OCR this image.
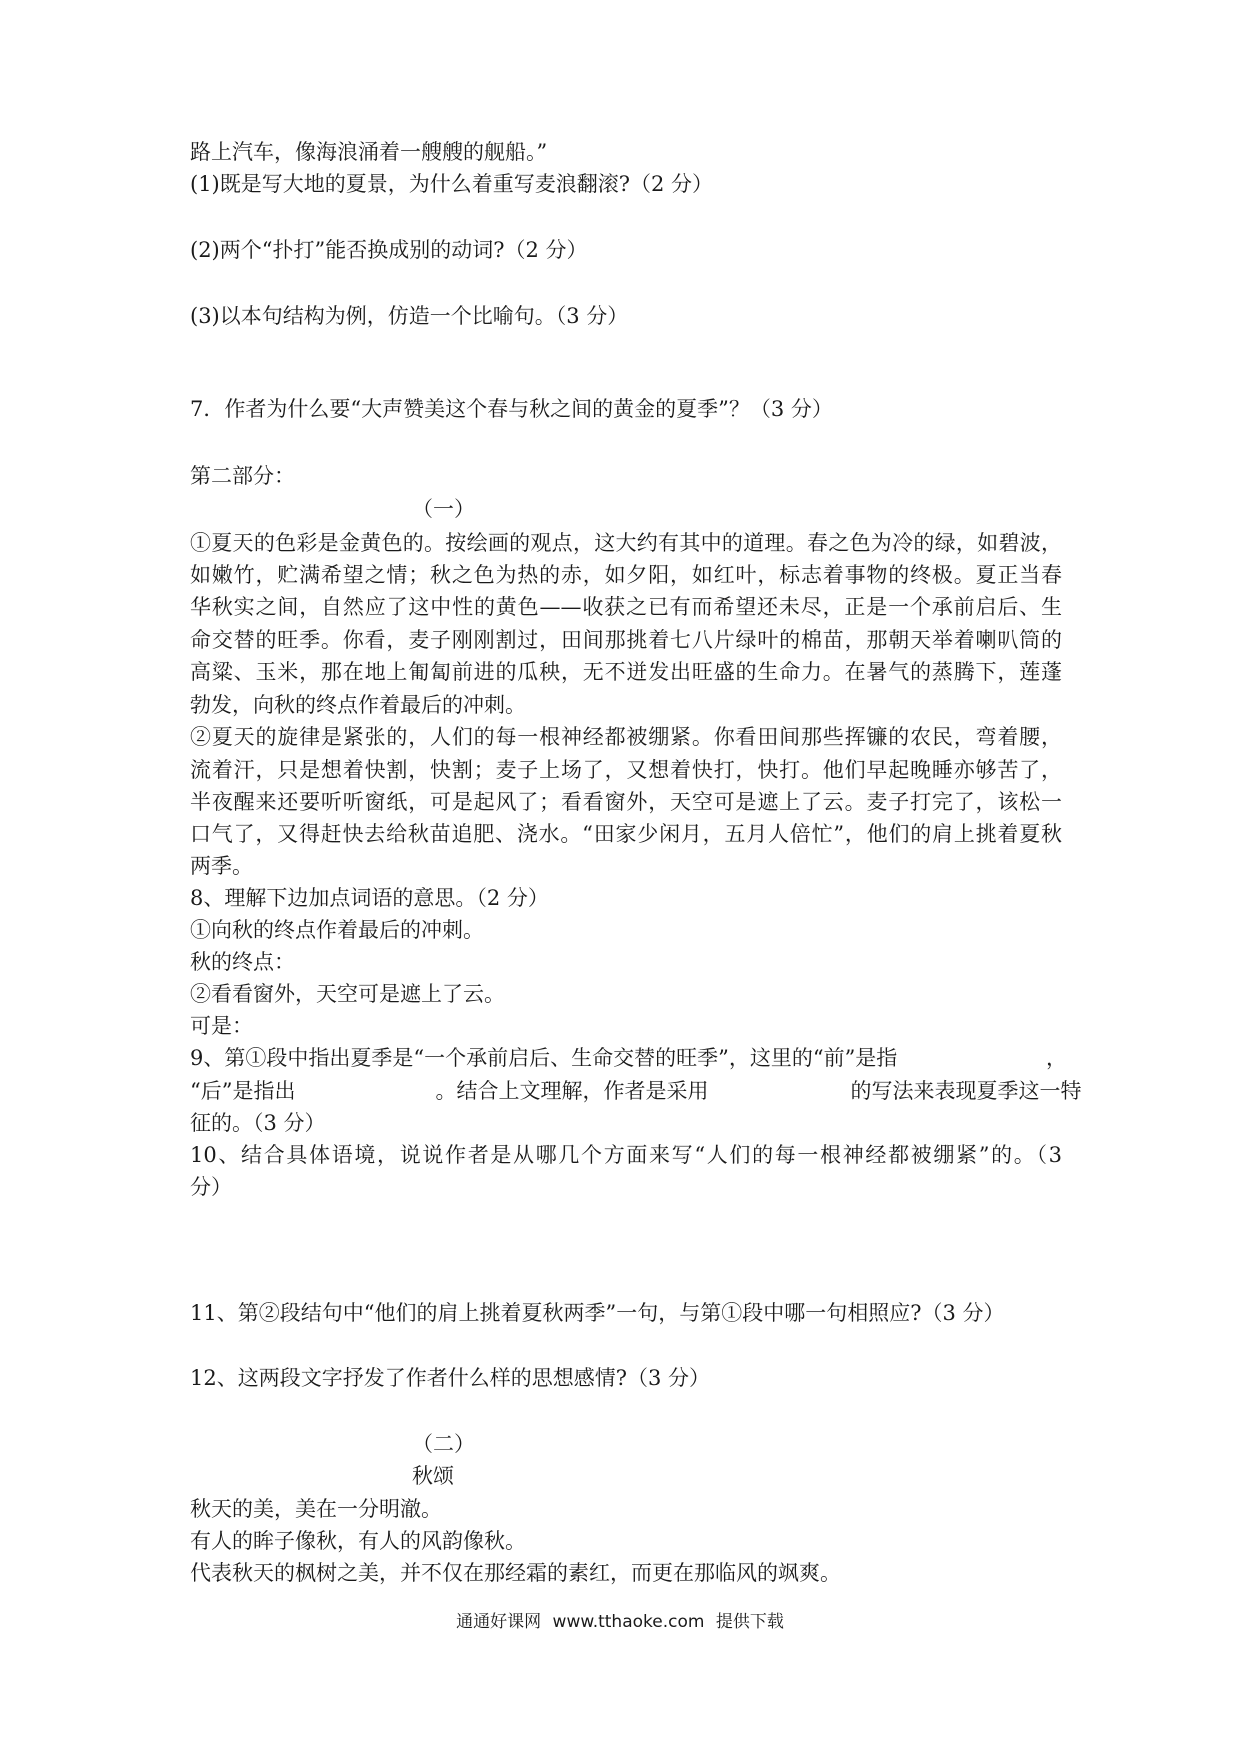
路上汽车，像海浪涌着一艘艘的舰船。”
(1)既是写大地的夏景，为什么着重写麦浪翻滚?（2 分）
(2)两个“扑打”能否换成别的动词?（2 分）
(3)以本句结构为例，仿造一个比喻句。（3 分）
7．作者为什么要“大声赞美这个春与秋之间的黄金的夏季”？（3 分）
第二部分：
（一）
①夏天的色彩是金黄色的。按绘画的观点，这大约有其中的道理。春之色为冷的绿，如碧波，
如嫩竹，贮满希望之情；秋之色为热的赤，如夕阳，如红叶，标志着事物的终极。夏正当春
华秋实之间，自然应了这中性的黄色——收获之已有而希望还未尽，正是一个承前启后、生
命交替的旺季。你看，麦子刚刚割过，田间那挑着七八片绿叶的棉苗，那朝天举着喇叭筒的
高粱、玉米，那在地上匍匐前进的瓜秧，无不迸发出旺盛的生命力。在暑气的蒸腾下，莲蓬
勃发，向秋的终点作着最后的冲刺。
②夏天的旋律是紧张的，人们的每一根神经都被绷紧。你看田间那些挥镰的农民，弯着腰，
流着汗，只是想着快割，快割；麦子上场了，又想着快打，快打。他们早起晚睡亦够苦了，
半夜醒来还要听听窗纸，可是起风了；看看窗外，天空可是遮上了云。麦子打完了，该松一
口气了，又得赶快去给秋苗追肥、浇水。“田家少闲月，五月人倍忙”，他们的肩上挑着夏秋
两季。
8、理解下边加点词语的意思。（2 分）
①向秋的终点作着最后的冲刺。
秋的终点：
②看看窗外，天空可是遮上了云。
可是：
9、第①段中指出夏季是“一个承前启后、生命交替的旺季”，这里的“前”是指	，
“后”是指出	。结合上文理解，作者是采用	的写法来表现夏季这一特
征的。（3 分）
10、结合具体语境，说说作者是从哪几个方面来写“人们的每一根神经都被绷紧”的。（3
分）
11、第②段结句中“他们的肩上挑着夏秋两季”一句，与第①段中哪一句相照应?（3 分）
12、这两段文字抒发了作者什么样的思想感情?（3 分）
（二）
秋颂
秋天的美，美在一分明澈。
有人的眸子像秋，有人的风韵像秋。
代表秋天的枫树之美，并不仅在那经霜的素红，而更在那临风的飒爽。
通通好课网 www.tthaoke.com 提供下载
